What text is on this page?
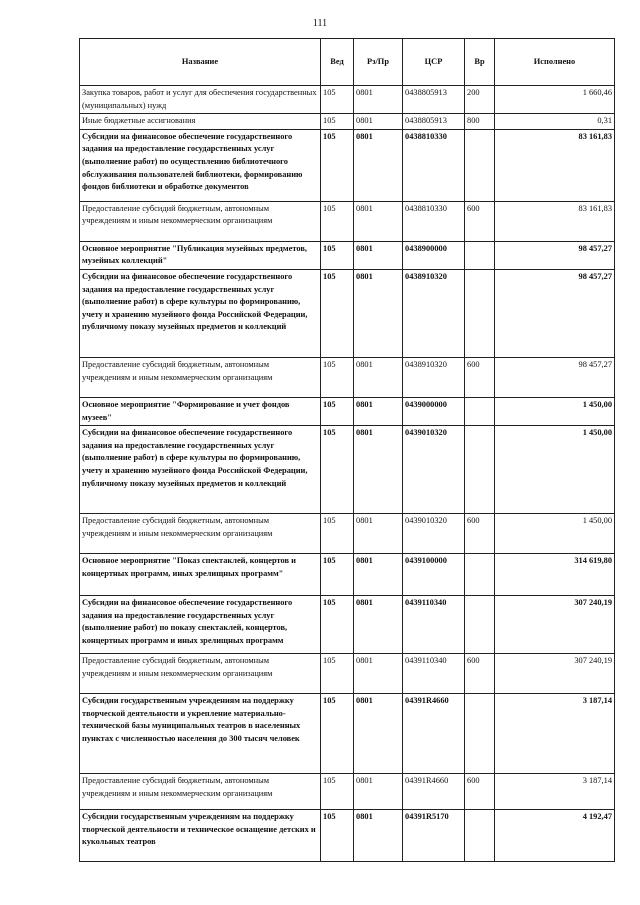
111
Название	Вед	Рз/Пр	ЦСР	Вр	Исполнено
Закупка товаров, работ и услуг для обеспечения государственных (муниципальных) нужд	105	0801	0438805913	200	1 660,46
Иные бюджетные ассигнования	105	0801	0438805913	800	0,31
Субсидии на финансовое обеспечение государственного задания на предоставление государственных услуг (выполнение работ) по осуществлению библиотечного обслуживания пользователей библиотеки, формированию фондов библиотеки и обработке документов	105	0801	0438810330		83 161,83
Предоставление субсидий бюджетным, автономным учреждениям и иным некоммерческим организациям	105	0801	0438810330	600	83 161,83
Основное мероприятие "Публикация музейных предметов, музейных коллекций"	105	0801	0438900000		98 457,27
Субсидии на финансовое обеспечение государственного задания на предоставление государственных услуг (выполнение работ) в сфере культуры по формированию, учету и хранению музейного фонда Российской Федерации, публичному показу музейных предметов и коллекций	105	0801	0438910320		98 457,27
Предоставление субсидий бюджетным, автономным учреждениям и иным некоммерческим организациям	105	0801	0438910320	600	98 457,27
Основное мероприятие "Формирование и учет фондов музеев"	105	0801	0439000000		1 450,00
Субсидии на финансовое обеспечение государственного задания на предоставление государственных услуг (выполнение работ) в сфере культуры по формированию, учету и хранению музейного фонда Российской Федерации, публичному показу музейных предметов и коллекций	105	0801	0439010320		1 450,00
Предоставление субсидий бюджетным, автономным учреждениям и иным некоммерческим организациям	105	0801	0439010320	600	1 450,00
Основное мероприятие "Показ спектаклей, концертов и концертных программ, иных зрелищных программ"	105	0801	0439100000		314 619,80
Субсидии на финансовое обеспечение государственного задания на предоставление государственных услуг (выполнение работ) по показу спектаклей, концертов, концертных программ и иных зрелищных программ	105	0801	0439110340		307 240,19
Предоставление субсидий бюджетным, автономным учреждениям и иным некоммерческим организациям	105	0801	0439110340	600	307 240,19
Субсидии государственным учреждениям на поддержку творческой деятельности и укрепление материально-технической базы муниципальных театров в населенных пунктах с численностью населения до 300 тысяч человек	105	0801	04391R4660		3 187,14
Предоставление субсидий бюджетным, автономным учреждениям и иным некоммерческим организациям	105	0801	04391R4660	600	3 187,14
Субсидии государственным учреждениям на поддержку творческой деятельности и техническое оснащение детских и кукольных театров	105	0801	04391R5170		4 192,47
